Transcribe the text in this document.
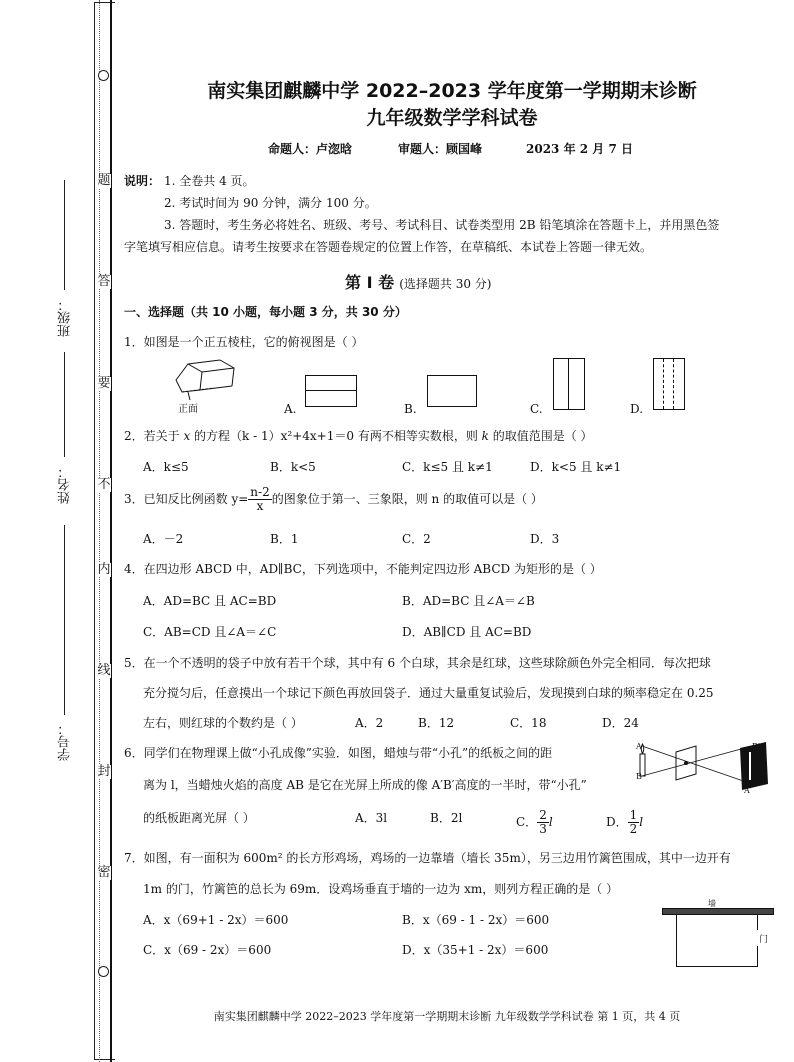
题
答
要
不
内
线
封
密
班级：
姓名：
学号：
南实集团麒麟中学 2022–2023 学年度第一学期期末诊断
九年级数学学科试卷
命题人：卢淴晗	审题人：顾国峰	2023 年 2 月 7 日
说明： 1. 全卷共 4 页。
2. 考试时间为 90 分钟，满分 100 分。
3. 答题时，考生务必将姓名、班级、考号、考试科目、试卷类型用 2B 铅笔填涂在答题卡上，并用黑色签
字笔填写相应信息。请考生按要求在答题卷规定的位置上作答，在草稿纸、本试卷上答题一律无效。
第 Ⅰ 卷 (选择题共 30 分)
一、选择题（共 10 小题，每小题 3 分，共 30 分）
1．如图是一个正五棱柱，它的俯视图是（ ）
正面	A.	B.	C.	D.
2．若关于 x 的方程（k - 1）x²+4x+1＝0 有两不相等实数根，则 k 的取值范围是（ ）
A．k≤5	B．k<5	C．k≤5 且 k≠1	D．k<5 且 k≠1
3．已知反比例函数 $y= \frac{n-2}{x}$ 的图象位于第一、三象限，则 n 的取值可以是（ ）
A．－2	B．1	C．2	D．3
4．在四边形 ABCD 中，AD∥BC，下列选项中，不能判定四边形 ABCD 为矩形的是（ ）
A．AD=BC 且 AC=BD	B．AD=BC 且∠A＝∠B
C．AB=CD 且∠A＝∠C	D．AB∥CD 且 AC=BD
5．在一个不透明的袋子中放有若干个球，其中有 6 个白球，其余是红球，这些球除颜色外完全相同．每次把球
充分搅匀后，任意摸出一个球记下颜色再放回袋子．通过大量重复试验后，发现摸到白球的频率稳定在 0.25
左右，则红球的个数约是（ ）	A．2	B．12	C．18	D．24
6．同学们在物理课上做“小孔成像”实验．如图，蜡烛与带“小孔”的纸板之间的距
离为 l，当蜡烛火焰的高度 AB 是它在光屏上所成的像 A′B′高度的一半时，带“小孔”
的纸板距离光屏（ ）	A．3l	B．2l	C． $\frac{2}{3}$ l	D． $\frac{1}{2}$ l
A
B
B′
A′
7．如图，有一面积为 600m² 的长方形鸡场，鸡场的一边靠墙（墙长 35m），另三边用竹篱笆围成，其中一边开有
1m 的门，竹篱笆的总长为 69m．设鸡场垂直于墙的一边为 xm，则列方程正确的是（ ）
A．x（69+1 - 2x）＝600	B．x（69 - 1 - 2x）＝600
C．x（69 - 2x）＝600	D．x（35+1 - 2x）＝600
墙
门
南实集团麒麟中学 2022–2023 学年度第一学期期末诊断 九年级数学学科试卷 第 1 页，共 4 页
